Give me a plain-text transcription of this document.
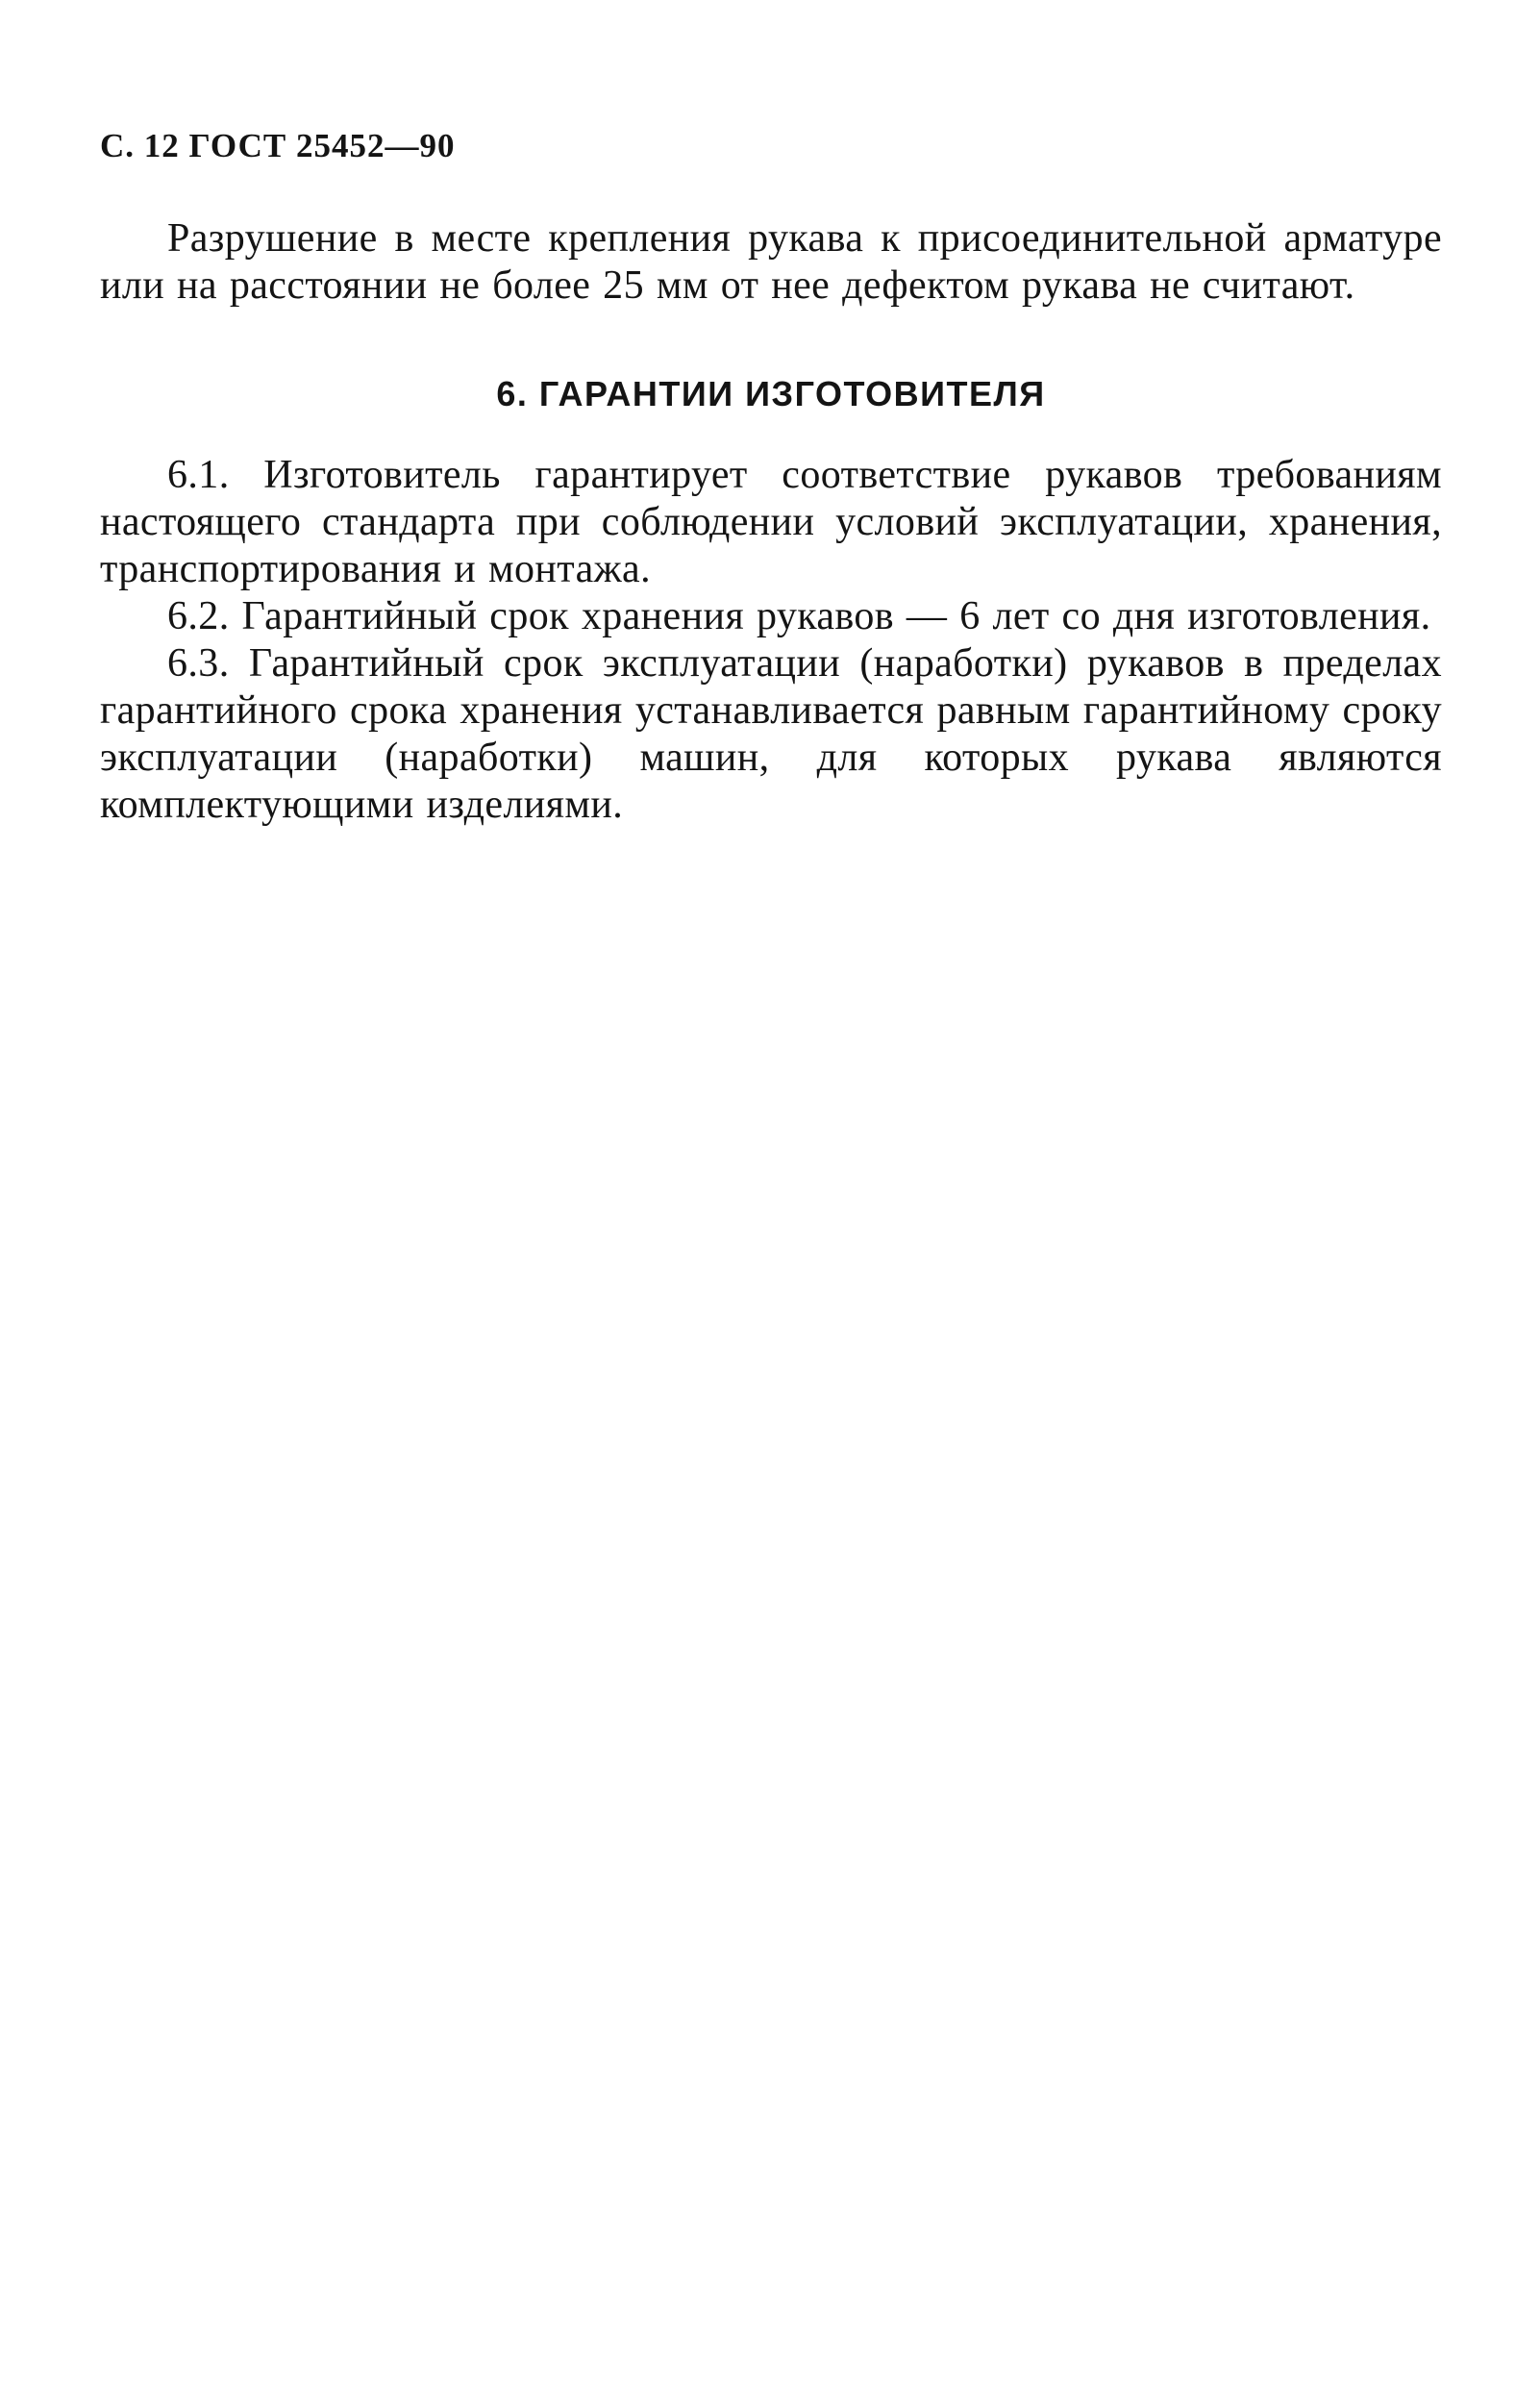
С. 12 ГОСТ 25452—90

Разрушение в месте крепления рукава к присоединительной арматуре или на расстоянии не более 25 мм от нее дефектом рукава не считают.

6. ГАРАНТИИ ИЗГОТОВИТЕЛЯ
6.1. Изготовитель гарантирует соответствие рукавов требованиям настоящего стандарта при соблюдении условий эксплуатации, хранения, транспортирования и монтажа.
6.2. Гарантийный срок хранения рукавов — 6 лет со дня изготовления.
6.3. Гарантийный срок эксплуатации (наработки) рукавов в пределах гарантийного срока хранения устанавливается равным гарантийному сроку эксплуатации (наработки) машин, для которых рукава являются комплектующими изделиями.
